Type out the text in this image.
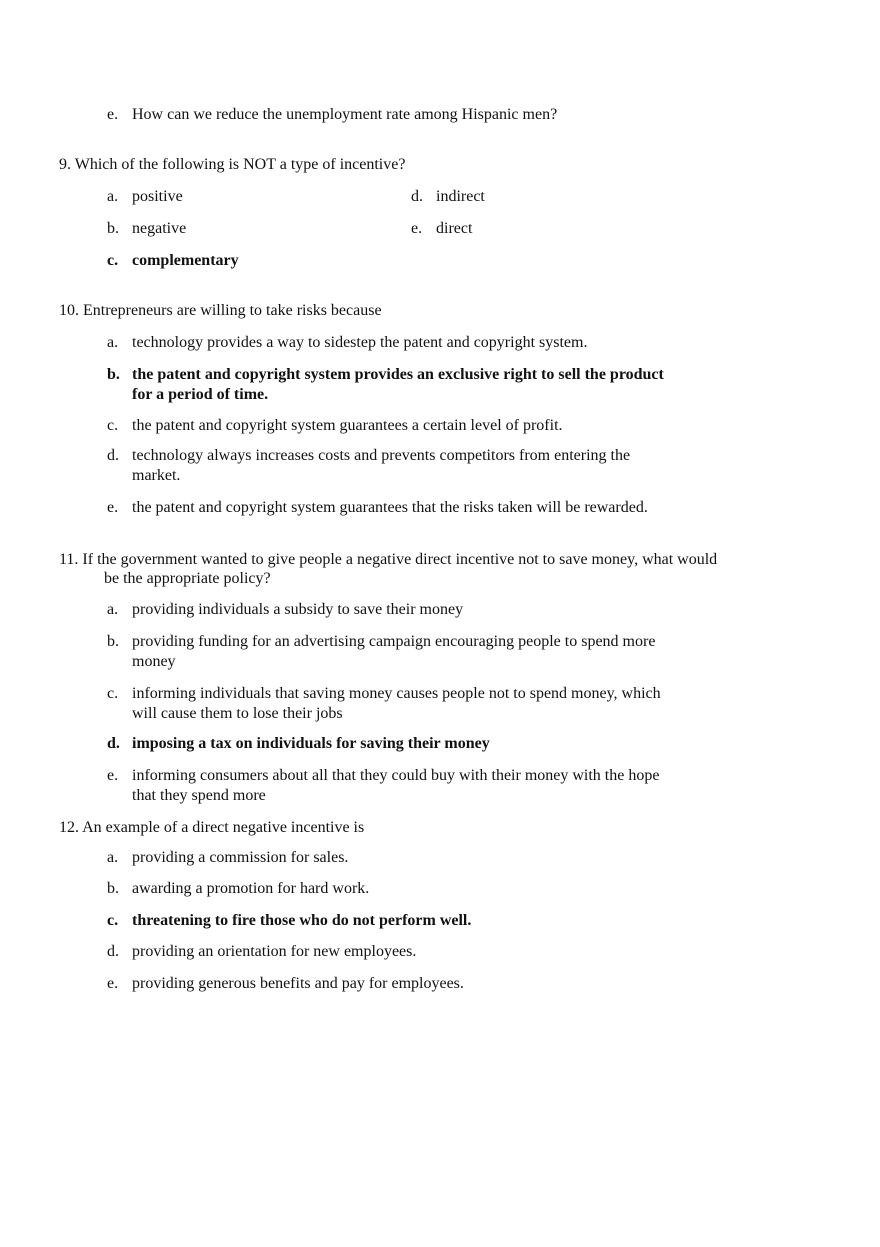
e. How can we reduce the unemployment rate among Hispanic men?
9. Which of the following is NOT a type of incentive?
a. positive	d. indirect
b. negative	e. direct
c. complementary
10. Entrepreneurs are willing to take risks because
a. technology provides a way to sidestep the patent and copyright system.
b. the patent and copyright system provides an exclusive right to sell the product
for a period of time.
c. the patent and copyright system guarantees a certain level of profit.
d. technology always increases costs and prevents competitors from entering the
market.
e. the patent and copyright system guarantees that the risks taken will be rewarded.
11. If the government wanted to give people a negative direct incentive not to save money, what would
be the appropriate policy?
a. providing individuals a subsidy to save their money
b. providing funding for an advertising campaign encouraging people to spend more
money
c. informing individuals that saving money causes people not to spend money, which
will cause them to lose their jobs
d. imposing a tax on individuals for saving their money
e. informing consumers about all that they could buy with their money with the hope
that they spend more
12. An example of a direct negative incentive is
a. providing a commission for sales.
b. awarding a promotion for hard work.
c. threatening to fire those who do not perform well.
d. providing an orientation for new employees.
e. providing generous benefits and pay for employees.
